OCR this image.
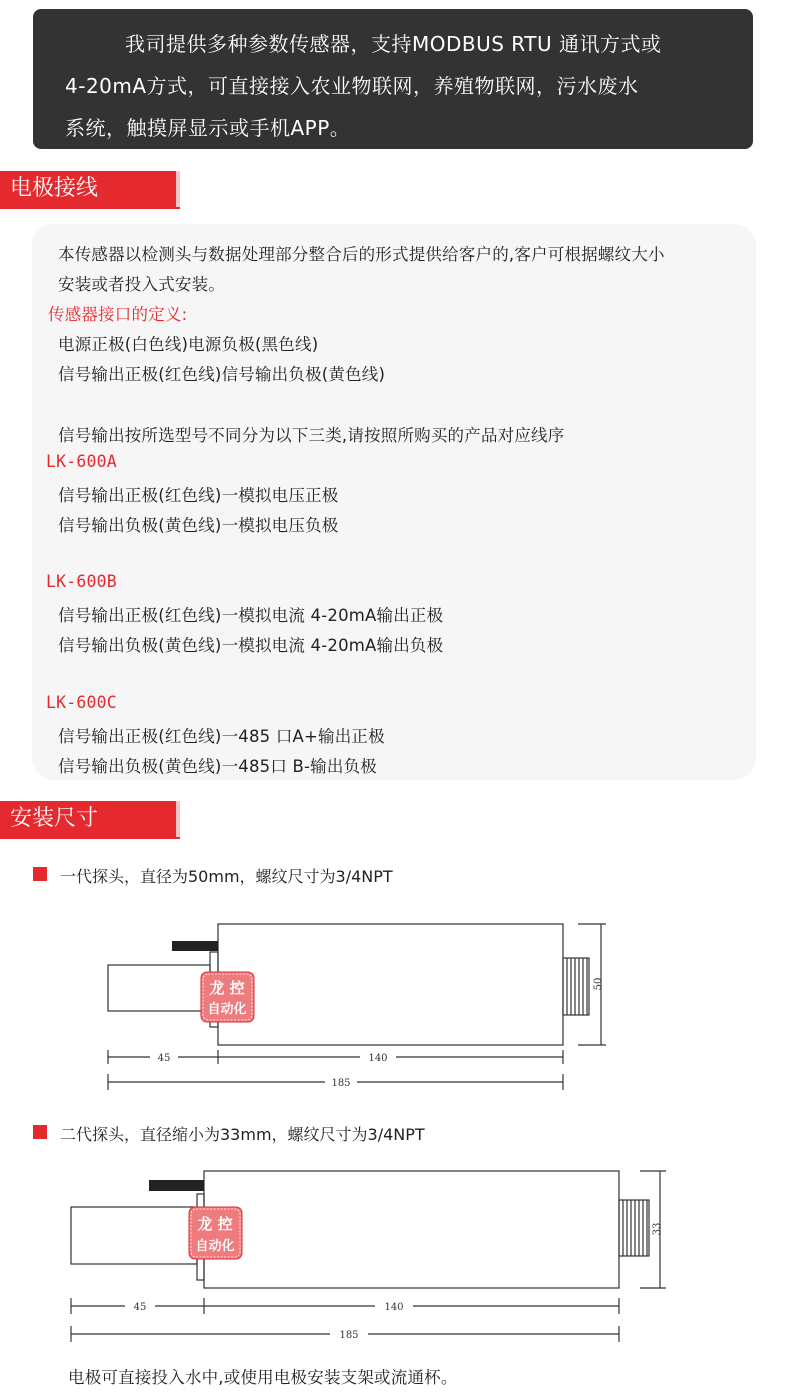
我司提供多种参数传感器，支持MODBUS RTU 通讯方式或

4-20mA方式，可直接接入农业物联网，养殖物联网，污水废水

系统，触摸屏显示或手机APP。

电极接线
本传感器以检测头与数据处理部分整合后的形式提供给客户的,客户可根据螺纹大小
安装或者投入式安装。
传感器接口的定义:
电源正极(白色线)电源负极(黑色线)
信号输出正极(红色线)信号输出负极(黄色线)
信号输出按所选型号不同分为以下三类,请按照所购买的产品对应线序
LK-600A
信号输出正极(红色线)一模拟电压正极
信号输出负极(黄色线)一模拟电压负极
LK-600B
信号输出正极(红色线)一模拟电流 4-20mA输出正极
信号输出负极(黄色线)一模拟电流 4-20mA输出负极
LK-600C
信号输出正极(红色线)一485 口A+输出正极
信号输出负极(黄色线)一485口 B-输出负极
安装尺寸
一代探头，直径为50mm，螺纹尺寸为3/4NPT
45	140
185
50
龙 控
自动化
二代探头，直径缩小为33mm，螺纹尺寸为3/4NPT
45	140
185
33
龙 控
自动化
电极可直接投入水中,或使用电极安装支架或流通杯。
